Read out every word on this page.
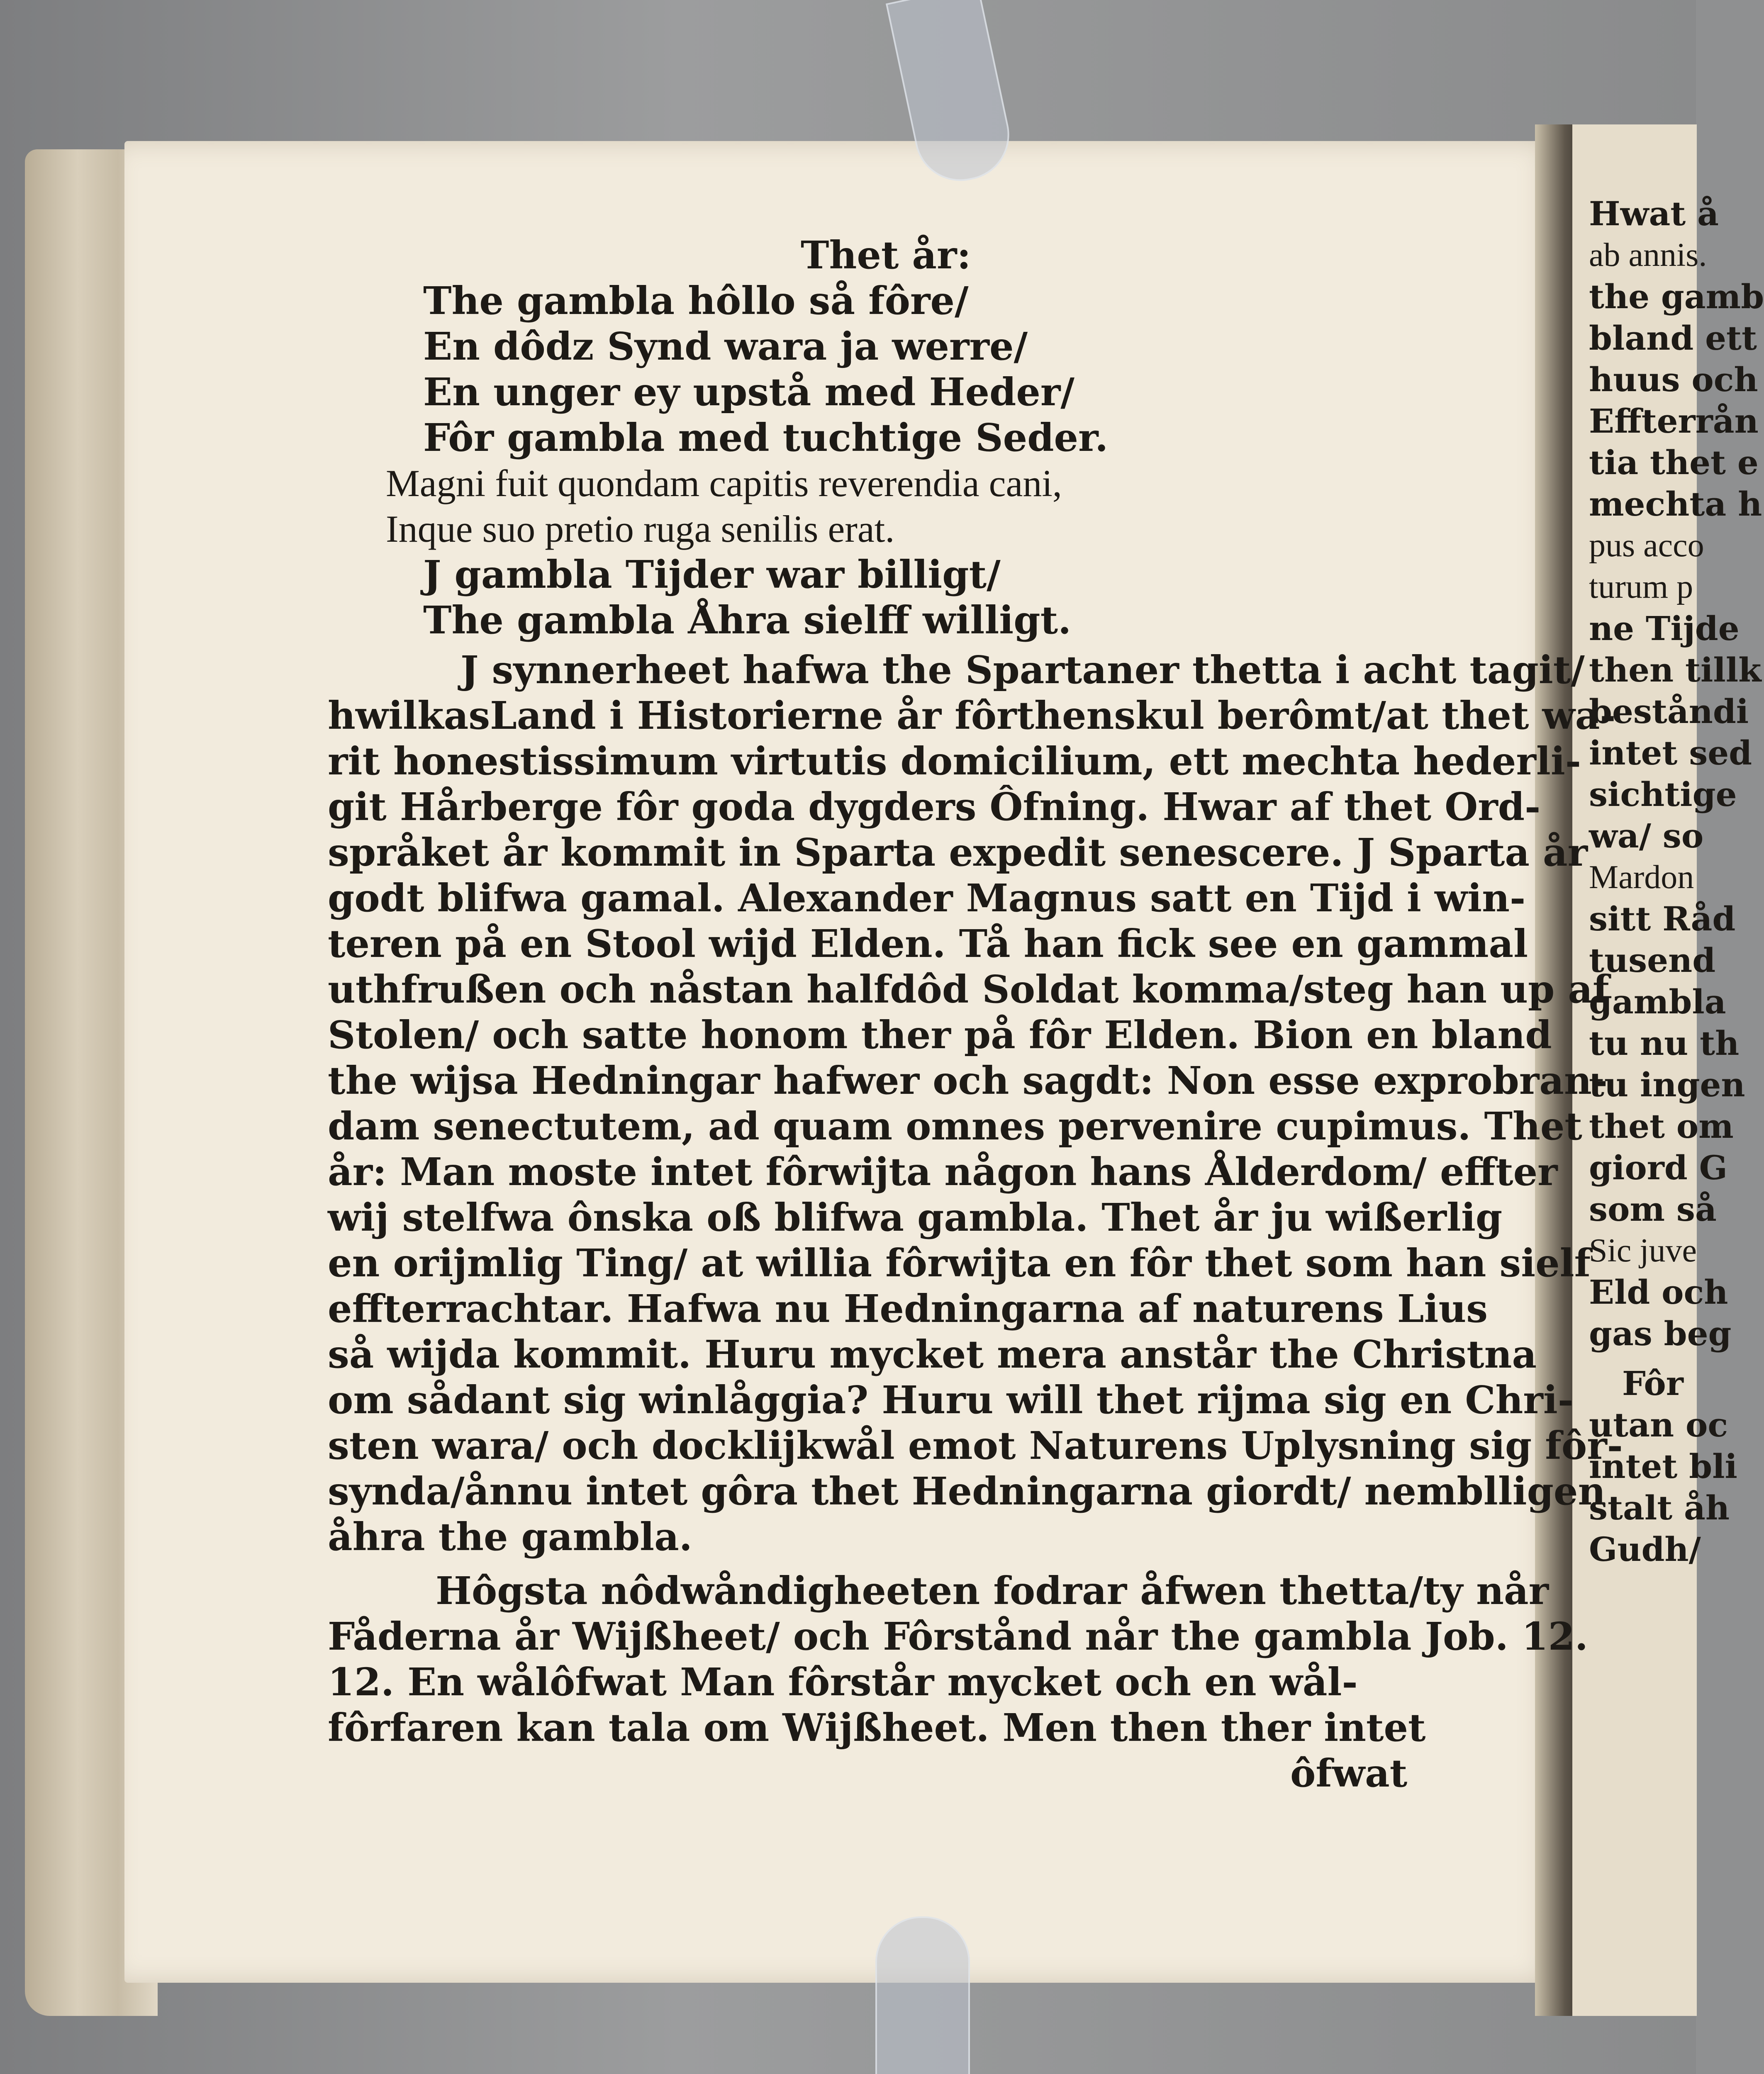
Thet år:
The gambla hôllo så fôre/
En dôdz Synd wara ja werre/
En unger ey upstå med Heder/
Fôr gambla med tuchtige Seder.
Magni fuit quondam capitis reverendia cani,
Inque suo pretio ruga senilis erat.
J gambla Tijder war billigt/
The gambla Åhra sielff willigt.
J synnerheet hafwa the Spartaner thetta i acht tagit/
hwilkasLand i Historierne år fôrthenskul berômt/at thet wa-
rit honestissimum virtutis domicilium, ett mechta hederli-
git Hårberge fôr goda dygders Ôfning. Hwar af thet Ord-
språket år kommit in Sparta expedit senescere. J Sparta år
godt blifwa gamal. Alexander Magnus satt en Tijd i win-
teren på en Stool wijd Elden. Tå han fick see en gammal
uthfrußen och nåstan halfdôd Soldat komma/steg han up af
Stolen/ och satte honom ther på fôr Elden. Bion en bland
the wijsa Hedningar hafwer och sagdt: Non esse exprobran-
dam senectutem, ad quam omnes pervenire cupimus. Thet
år: Man moste intet fôrwijta någon hans Ålderdom/ effter
wij stelfwa ônska oß blifwa gambla. Thet år ju wißerlig
en orijmlig Ting/ at willia fôrwijta en fôr thet som han sielf
effterrachtar. Hafwa nu Hedningarna af naturens Lius
så wijda kommit. Huru mycket mera anstår the Christna
om sådant sig winlåggia? Huru will thet rijma sig en Chri-
sten wara/ och docklijkwål emot Naturens Uplysning sig fôr-
synda/ånnu intet gôra thet Hedningarna giordt/ nemblligen
åhra the gambla.
Hôgsta nôdwåndigheeten fodrar åfwen thetta/ty når
Fåderna år Wijßheet/ och Fôrstånd når the gambla Job. 12.
12. En wålôfwat Man fôrstår mycket och en wål-
fôrfaren kan tala om Wijßheet. Men then ther intet
ôfwat
Hwat å
ab annis.
the gamb
bland ett
huus och
Effterrån
tia thet e
mechta h
pus acco
turum p
ne Tijde
then tillk
beståndi
intet sed
sichtige
wa/ so
Mardon
sitt Råd
tusend
gambla
tu nu th
tu ingen
thet om
giord G
som så
Sic juve
Eld och
gas beg
Fôr
utan oc
intet bli
stalt åh
Gudh/
